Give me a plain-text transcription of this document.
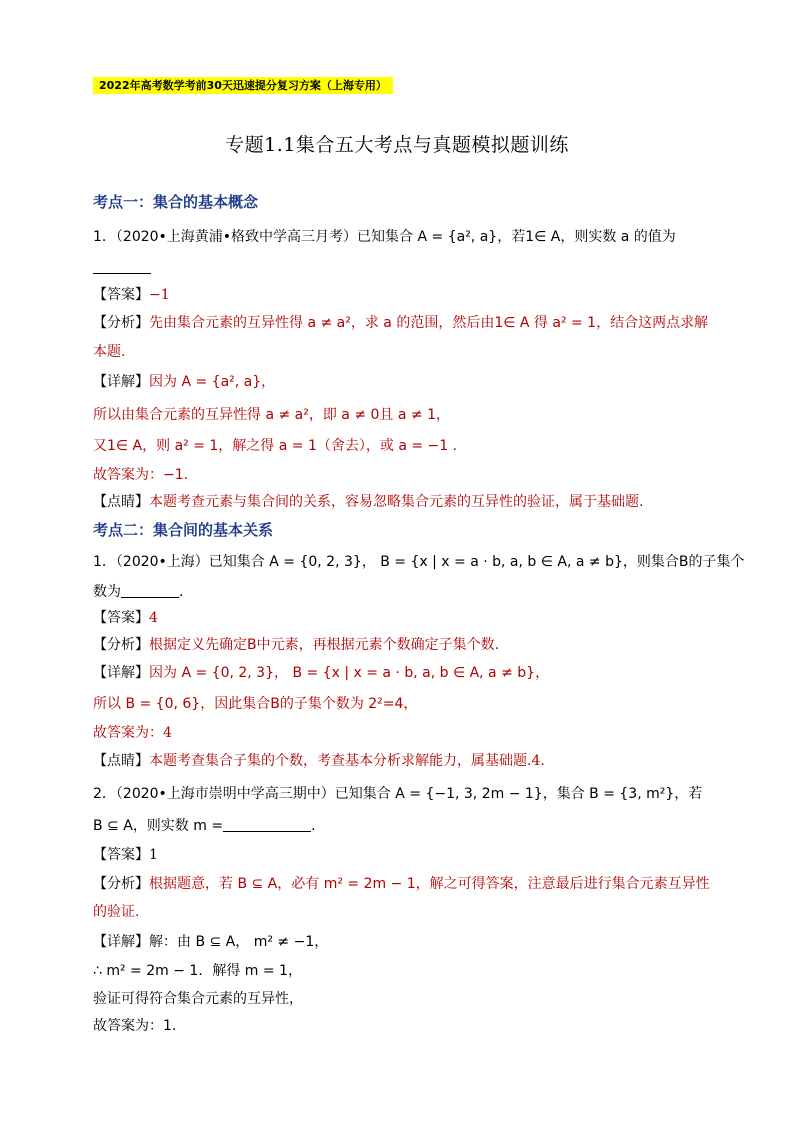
2022年高考数学考前30天迅速提分复习方案（上海专用）
专题1.1集合五大考点与真题模拟题训练
考点一：集合的基本概念
1．（2020•上海黄浦•格致中学高三月考）已知集合 A = {a², a}，若1∈ A，则实数 a 的值为
【答案】−1
【分析】先由集合元素的互异性得 a ≠ a²，求 a 的范围，然后由1∈ A 得 a² = 1，结合这两点求解
本题.
【详解】因为 A = {a², a}，
所以由集合元素的互异性得 a ≠ a²，即 a ≠ 0且 a ≠ 1，
又1∈ A，则 a² = 1，解之得 a = 1（舍去），或 a = −1 .
故答案为：−1.
【点睛】本题考查元素与集合间的关系，容易忽略集合元素的互异性的验证，属于基础题.
考点二：集合间的基本关系
1．（2020•上海）已知集合 A = {0, 2, 3}， B = {x | x = a · b, a, b ∈ A, a ≠ b}，则集合B的子集个
数为	.
【答案】4
【分析】根据定义先确定B中元素，再根据元素个数确定子集个数.
【详解】因为 A = {0, 2, 3}， B = {x | x = a · b, a, b ∈ A, a ≠ b}，
所以 B = {0, 6}，因此集合B的子集个数为 2²=4，
故答案为：4
【点睛】本题考查集合子集的个数，考查基本分析求解能力，属基础题.4.
2．（2020•上海市崇明中学高三期中）已知集合 A = {−1, 3, 2m − 1}，集合 B = {3, m²}，若
B ⊆ A，则实数 m =	.
【答案】1
【分析】根据题意，若 B ⊆ A，必有 m² = 2m − 1，解之可得答案，注意最后进行集合元素互异性
的验证.
【详解】解：由 B ⊆ A， m² ≠ −1，
∴ m² = 2m − 1．解得 m = 1，
验证可得符合集合元素的互异性，
故答案为：1.
